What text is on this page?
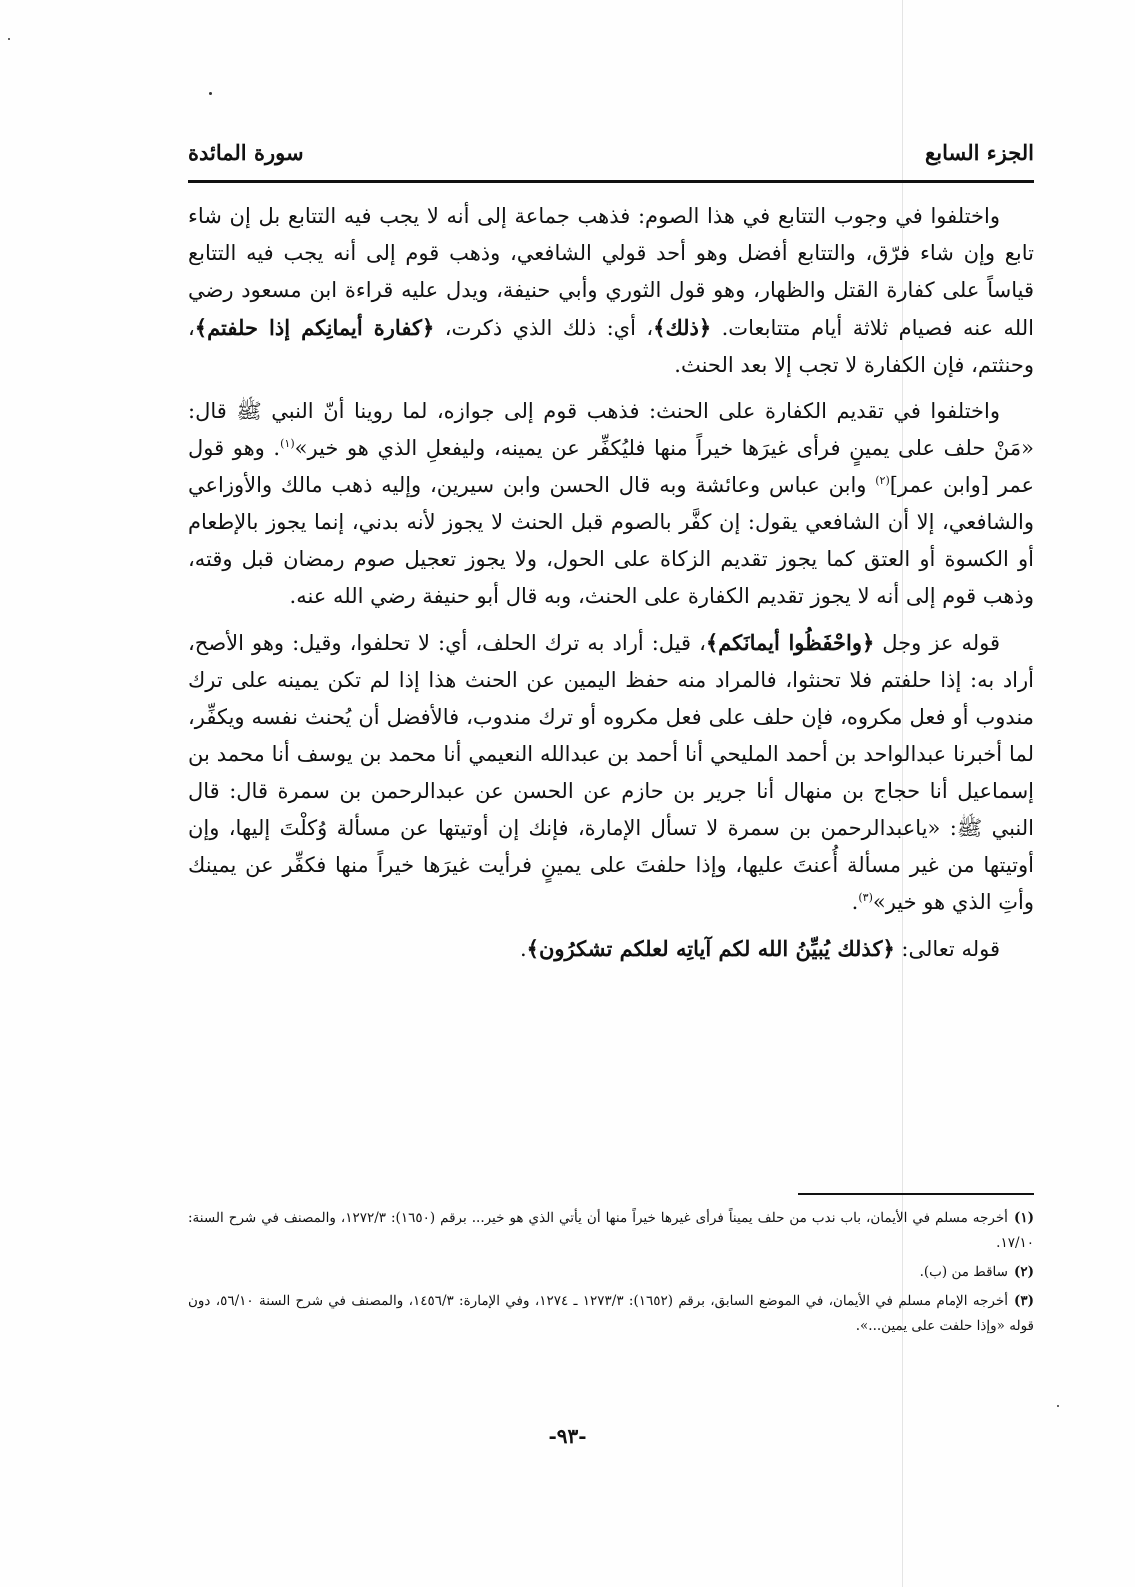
الجزء السابع
سورة المائدة

واختلفوا في وجوب التتابع في هذا الصوم: فذهب جماعة إلى أنه لا يجب فيه التتابع بل إن شاء تابع وإن شاء فرّق، والتتابع أفضل وهو أحد قولي الشافعي، وذهب قوم إلى أنه يجب فيه التتابع قياساً على كفارة القتل والظهار، وهو قول الثوري وأبي حنيفة، ويدل عليه قراءة ابن مسعود رضي الله عنه فصيام ثلاثة أيام متتابعات. ﴿ذلك﴾، أي: ذلك الذي ذكرت، ﴿كفارة أيمانِكم إذا حلفتم﴾، وحنثتم، فإن الكفارة لا تجب إلا بعد الحنث.

واختلفوا في تقديم الكفارة على الحنث: فذهب قوم إلى جوازه، لما روينا أنّ النبي ﷺ قال: «مَنْ حلف على يمينٍ فرأى غيرَها خيراً منها فليُكفِّر عن يمينه، وليفعلِ الذي هو خير»$^{(١)}$. وهو قول عمر [وابن عمر]$^{(٢)}$ وابن عباس وعائشة وبه قال الحسن وابن سيرين، وإليه ذهب مالك والأوزاعي والشافعي، إلا أن الشافعي يقول: إن كفَّر بالصوم قبل الحنث لا يجوز لأنه بدني، إنما يجوز بالإطعام أو الكسوة أو العتق كما يجوز تقديم الزكاة على الحول، ولا يجوز تعجيل صوم رمضان قبل وقته، وذهب قوم إلى أنه لا يجوز تقديم الكفارة على الحنث، وبه قال أبو حنيفة رضي الله عنه.

قوله عز وجل ﴿واحْفَظُوا أيمانَكم﴾، قيل: أراد به ترك الحلف، أي: لا تحلفوا، وقيل: وهو الأصح، أراد به: إذا حلفتم فلا تحنثوا، فالمراد منه حفظ اليمين عن الحنث هذا إذا لم تكن يمينه على ترك مندوب أو فعل مكروه، فإن حلف على فعل مكروه أو ترك مندوب، فالأفضل أن يُحنث نفسه ويكفِّر، لما أخبرنا عبدالواحد بن أحمد المليحي أنا أحمد بن عبدالله النعيمي أنا محمد بن يوسف أنا محمد بن إسماعيل أنا حجاج بن منهال أنا جرير بن حازم عن الحسن عن عبدالرحمن بن سمرة قال: قال النبي ﷺ: «ياعبدالرحمن بن سمرة لا تسأل الإمارة، فإنك إن أوتيتها عن مسألة وُكلْتَ إليها، وإن أوتيتها من غير مسألة أُعنتَ عليها، وإذا حلفتَ على يمينٍ فرأيت غيرَها خيراً منها فكفِّر عن يمينك وأتِ الذي هو خير»$^{(٣)}$.

قوله تعالى: ﴿كذلك يُبيِّنُ الله لكم آياتِه لعلكم تشكرُون﴾.

(١)أخرجه مسلم في الأيمان، باب ندب من حلف يميناً فرأى غيرها خيراً منها أن يأتي الذي هو خير... برقم (١٦٥٠): ١٢٧٢/٣، والمصنف في شرح السنة: ١٧/١٠.
(٢)ساقط من (ب).
(٣)أخرجه الإمام مسلم في الأيمان، في الموضع السابق، برقم (١٦٥٢): ١٢٧٣/٣ ـ ١٢٧٤، وفي الإمارة: ١٤٥٦/٣، والمصنف في شرح السنة ٥٦/١٠، دون قوله «وإذا حلفت على يمين...».
-٩٣-
